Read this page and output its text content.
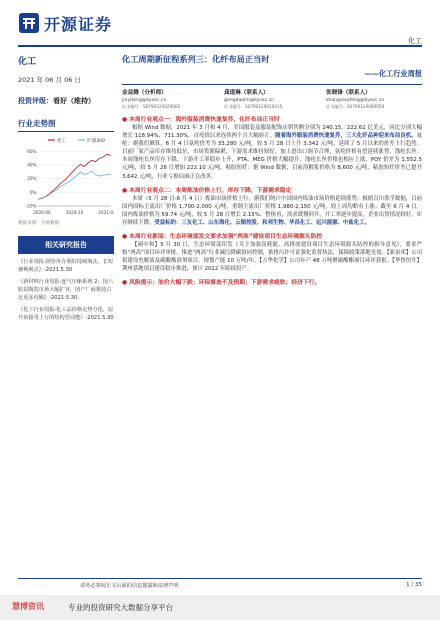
开源证券
化工
化工
2021 年 06 月 06 日
投资评级：看好（维持）
行业走势图
化工	沪深300
-20%
0%
20%
40%
60%
2020-06	2020-10	2021-02
数据来源：贝格数据
相关研究报告
《行业周报-锂价库存利好持续淘汰，长短兼利观点》-2021.5.30
《新材料行业周报-连气压缩系列 2：国六暗泵陶瓷市场大幅扩容，国产厂商将迎占比更多份额》-2021.5.30
《化工行业周报-化工品价格走势分化，原开始接受上行的结构型动能》-2021.5.30
化工周期新征程系列三：化纤布局正当时
——化工行业周报
金益腾（分析师）
jinyiteng@kysec.cn
证书编号：S0790520020002
龚道琳（联系人）
gongdaolin@kysec.cn
证书编号：S0790120010015
张晓锋（联系人）
zhangxiaofeng@kysec.cn
证书编号：S0790120080059
● 本周行业观点一：海外服装消费快速复苏，化纤布局正当时
根据 Wind 数据，2021 年 3 月和 4 月，美国服装及服装配饰店销售额分别为 240.15、222.62 亿美元，同比分别大幅增长 118.94%、711.30%，自疫情以来连续两个月大幅转正。随着海外服装消费快速复苏，三大化纤品种迎来布局良机。氨纶：据我们测算，6 月 4 日氨纶价差为 33,280 元/吨，较 5 月 28 日上升 3,342 元/吨，延续了 5 月以来的价差上行趋势。目前厂家产品库存维持低位，市场货源偏紧，下游需求维持较好，加上进出口调节合理，氨纶价格有望延续涨势。涤纶长丝：本周涤纶长丝库存下降，下游开工率稳步上升，PTA、MEG 价格大幅提升，涤纶长丝价格也相应上涨，POY 价差为 1,552.5 元/吨，较 5 月 28 日增加 222.10 元/吨。粘胶短纤：据 Wind 数据，目前溶解浆价格为 8,600 元/吨，粘胶短纤价差已提升 3,642 元/吨，行业亏损局面正在改善。
● 本周行业观点二：本周炼油价格上行，库存下降，下游需求稳定
本周（5 月 28 日-6 月 4 日）炼油市场价格上行，据我们统计中国国内炼油市场价格延续涨势。根据百川盈孚数据，目前国内国标主流出厂价格 1,700-2,000 元/吨，重钢主流出厂价格 1,980-2,150 元/吨，较上周均略有上涨；截至 6 月 4 日，国内炼油价格为 59.74 元/吨，较 5 月 28 日增长 2.15%。整体看，需求缓慢回升，开工率逐步提高，企业出货情况较好，库存继续下降。受益标的：三友化工、山东海化、云图控股、和邦生物、华昌化工、远兴能源、中盐化工。
● 本周行业新闻：生态环境部发文要求加强“两高”建设项目生态环境源头防控
【硕中和】5 月 30 日，生态环境部印发《关于加强高耗能、高排放建设项目生态环境源头防控的指导意见》，要求严格“两高”项目环评审批，推进“两高”行业减污降碳协同控制，依排污许可证强化监督执法，保障政策落地见效。【新宙邦】公司拟建设电解液及碳酸酯溶剂项目，规划产能 10 万吨/年。【万华化学】公司年产 48 万吨聚碳酸酯项目环评获批。【华鲁恒升】荆州基地项目建设稳步推进，预计 2022 年陆续投产。
● 风险提示：油价大幅下跌；环保督查不及预期；下游需求疲软；经济下行。
请务必参阅正文后面的信息披露和法律声明	1 / 35
慧博资讯	专业的投资研究大数据分享平台
